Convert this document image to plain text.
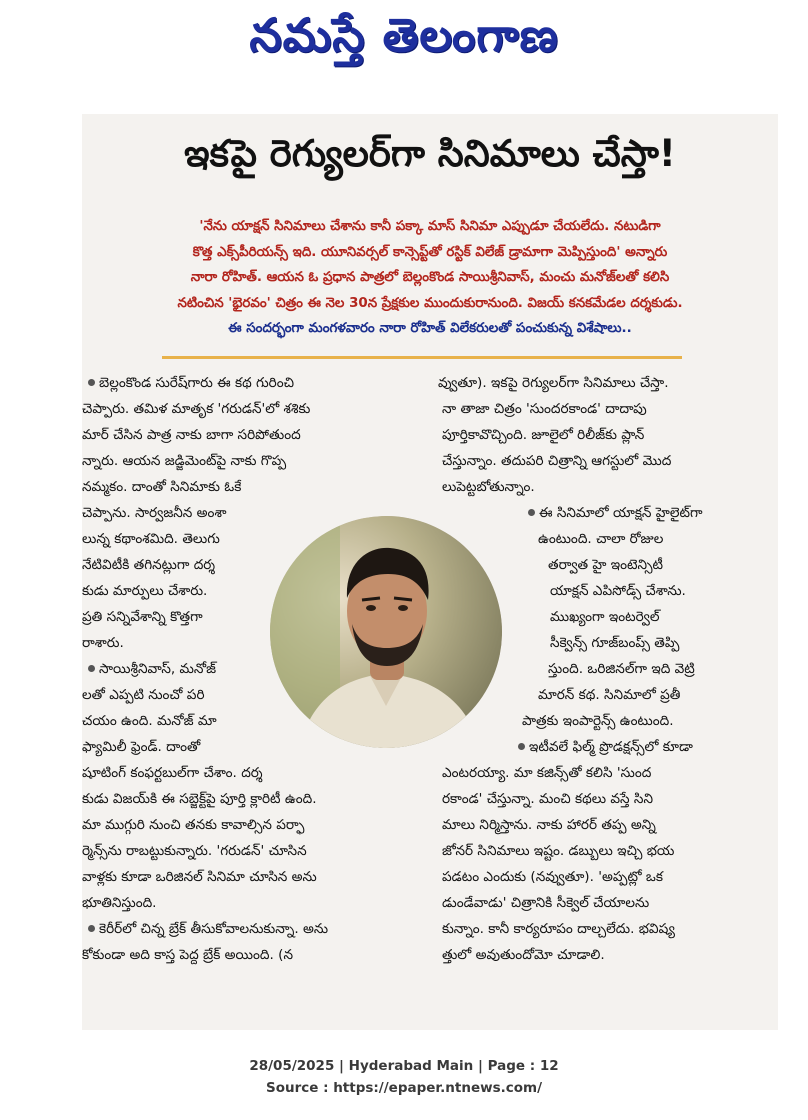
నమస్తే తెలంగాణ
ఇకపై రెగ్యులర్‌గా సినిమాలు చేస్తా!
'నేను యాక్షన్ సినిమాలు చేశాను కానీ పక్కా మాస్ సినిమా ఎప్పుడూ చేయలేదు. నటుడిగా
కొత్త ఎక్స్‌పీరియన్స్ ఇది. యూనివర్సల్ కాన్సెప్ట్‌తో రస్టిక్ విలేజ్ డ్రామాగా మెప్పిస్తుంది' అన్నారు
నారా రోహిత్. ఆయన ఓ ప్రధాన పాత్రలో బెల్లంకొండ సాయిశ్రీనివాస్, మంచు మనోజ్‌లతో కలిసి
నటించిన 'భైరవం' చిత్రం ఈ నెల 30న ప్రేక్షకుల ముందుకురానుంది. విజయ్ కనకమేడల దర్శకుడు.
ఈ సందర్భంగా మంగళవారం నారా రోహిత్ విలేకరులతో పంచుకున్న విశేషాలు..
బెల్లంకొండ సురేష్‌గారు ఈ కథ గురించి
చెప్పారు. తమిళ మాతృక 'గరుడన్'లో శశికు
మార్ చేసిన పాత్ర నాకు బాగా సరిపోతుంద
న్నారు. ఆయన జడ్జిమెంట్‌పై నాకు గొప్ప
నమ్మకం. దాంతో సినిమాకు ఓకే
చెప్పాను. సార్వజనీన అంశా
లున్న కథాంశమిది. తెలుగు
నేటివిటీకి తగినట్లుగా దర్శ
కుడు మార్పులు చేశారు.
ప్రతి సన్నివేశాన్ని కొత్తగా
రాశారు.
సాయిశ్రీనివాస్, మనోజ్
లతో ఎప్పటి నుంచో పరి
చయం ఉంది. మనోజ్ మా
ఫ్యామిలీ ఫ్రెండ్. దాంతో
షూటింగ్ కంఫర్టబుల్‌గా చేశాం. దర్శ
కుడు విజయ్‌కి ఈ సబ్జెక్ట్‌పై పూర్తి క్లారిటీ ఉంది.
మా ముగ్గురి నుంచి తనకు కావాల్సిన పర్ఫా
ర్మెన్స్‌ను రాబట్టుకున్నారు. 'గరుడన్' చూసిన
వాళ్లకు కూడా ఒరిజినల్ సినిమా చూసిన అను
భూతినిస్తుంది.
కెరీర్‌లో చిన్న బ్రేక్ తీసుకోవాలనుకున్నా. అను
కోకుండా అది కాస్త పెద్ద బ్రేక్ అయింది. (న
వ్వుతూ). ఇకపై రెగ్యులర్‌గా సినిమాలు చేస్తా.
నా తాజా చిత్రం 'సుందరకాండ' దాదాపు
పూర్తికావొచ్చింది. జూలైలో రిలీజ్‌కు ప్లాన్
చేస్తున్నాం. తదుపరి చిత్రాన్ని ఆగస్టులో మొద
లుపెట్టబోతున్నాం.
ఈ సినిమాలో యాక్షన్ హైలైట్‌గా
ఉంటుంది. చాలా రోజుల
తర్వాత హై ఇంటెన్సిటీ
యాక్షన్ ఎపిసోడ్స్ చేశాను.
ముఖ్యంగా ఇంటర్వెల్
సీక్వెన్స్ గూజ్‌బంప్స్ తెప్పి
స్తుంది. ఒరిజినల్‌గా ఇది వెట్రి
మారన్ కథ. సినిమాలో ప్రతీ
పాత్రకు ఇంపార్టెన్స్ ఉంటుంది.
ఇటీవలే ఫిల్మ్ ప్రొడక్షన్స్‌లో కూడా
ఎంటరయ్యా. మా కజిన్స్‌తో కలిసి 'సుంద
రకాండ' చేస్తున్నా. మంచి కథలు వస్తే సిని
మాలు నిర్మిస్తాను. నాకు హారర్ తప్ప అన్ని
జోనర్ సినిమాలు ఇష్టం. డబ్బులు ఇచ్చి భయ
పడటం ఎందుకు (నవ్వుతూ). 'అప్పట్లో ఒక
డుండేవాడు' చిత్రానికి సీక్వెల్ చేయాలను
కున్నాం. కానీ కార్యరూపం దాల్చలేదు. భవిష్య
త్తులో అవుతుందోమో చూడాలి.
28/05/2025 | Hyderabad Main | Page : 12
Source : https://epaper.ntnews.com/
